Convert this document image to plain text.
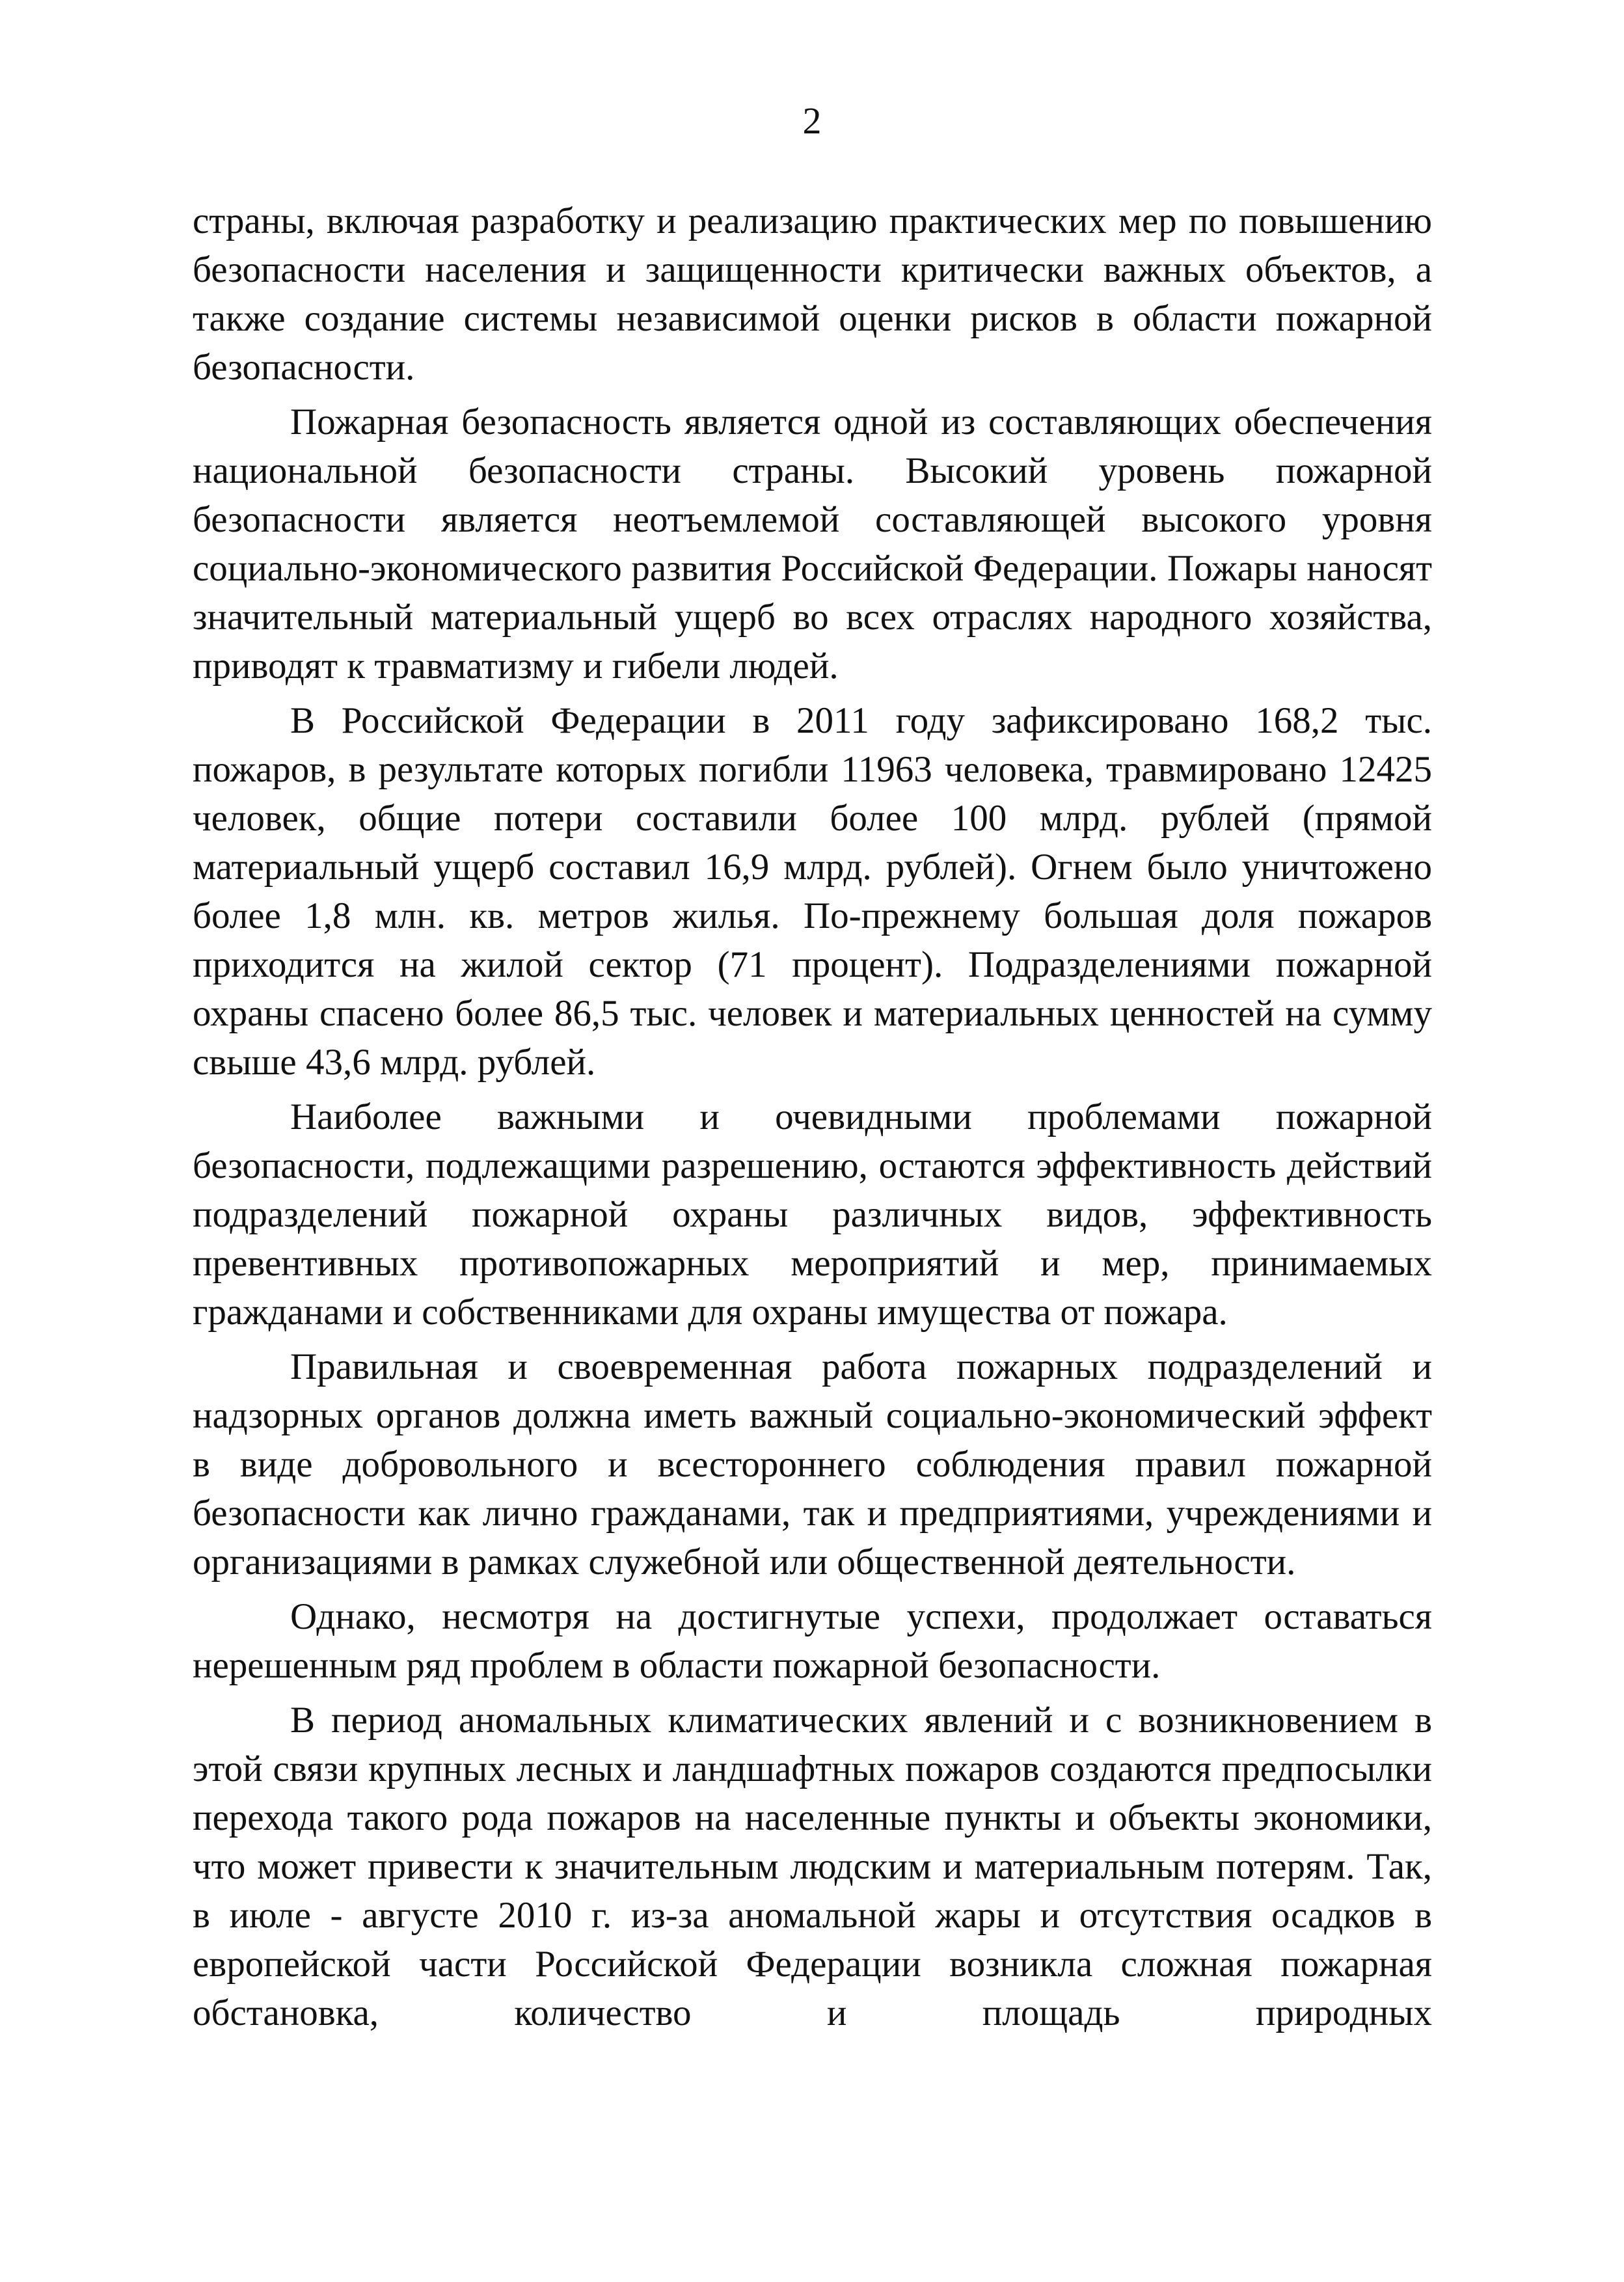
2

страны, включая разработку и реализацию практических мер по повышению безопасности населения и защищенности критически важных объектов, а также создание системы независимой оценки рисков в области пожарной безопасности.

Пожарная безопасность является одной из составляющих обеспечения национальной безопасности страны. Высокий уровень пожарной безопасности является неотъемлемой составляющей высокого уровня социально-экономического развития Российской Федерации. Пожары наносят значительный материальный ущерб во всех отраслях народного хозяйства, приводят к травматизму и гибели людей.

В Российской Федерации в 2011 году зафиксировано 168,2 тыс. пожаров, в результате которых погибли 11963 человека, травмировано 12425 человек, общие потери составили более 100 млрд. рублей (прямой материальный ущерб составил 16,9 млрд. рублей). Огнем было уничтожено более 1,8 млн. кв. метров жилья. По-прежнему большая доля пожаров приходится на жилой сектор (71 процент). Подразделениями пожарной охраны спасено более 86,5 тыс. человек и материальных ценностей на сумму свыше 43,6 млрд. рублей.

Наиболее важными и очевидными проблемами пожарной безопасности, подлежащими разрешению, остаются эффективность действий подразделений пожарной охраны различных видов, эффективность превентивных противопожарных мероприятий и мер, принимаемых гражданами и собственниками для охраны имущества от пожара.

Правильная и своевременная работа пожарных подразделений и надзорных органов должна иметь важный социально-экономический эффект в виде добровольного и всестороннего соблюдения правил пожарной безопасности как лично гражданами, так и предприятиями, учреждениями и организациями в рамках служебной или общественной деятельности.

Однако, несмотря на достигнутые успехи, продолжает оставаться нерешенным ряд проблем в области пожарной безопасности.

В период аномальных климатических явлений и с возникновением в этой связи крупных лесных и ландшафтных пожаров создаются предпосылки перехода такого рода пожаров на населенные пункты и объекты экономики, что может привести к значительным людским и материальным потерям. Так, в июле - августе 2010 г. из-за аномальной жары и отсутствия осадков в европейской части Российской Федерации возникла сложная пожарная обстановка, количество и площадь природных
